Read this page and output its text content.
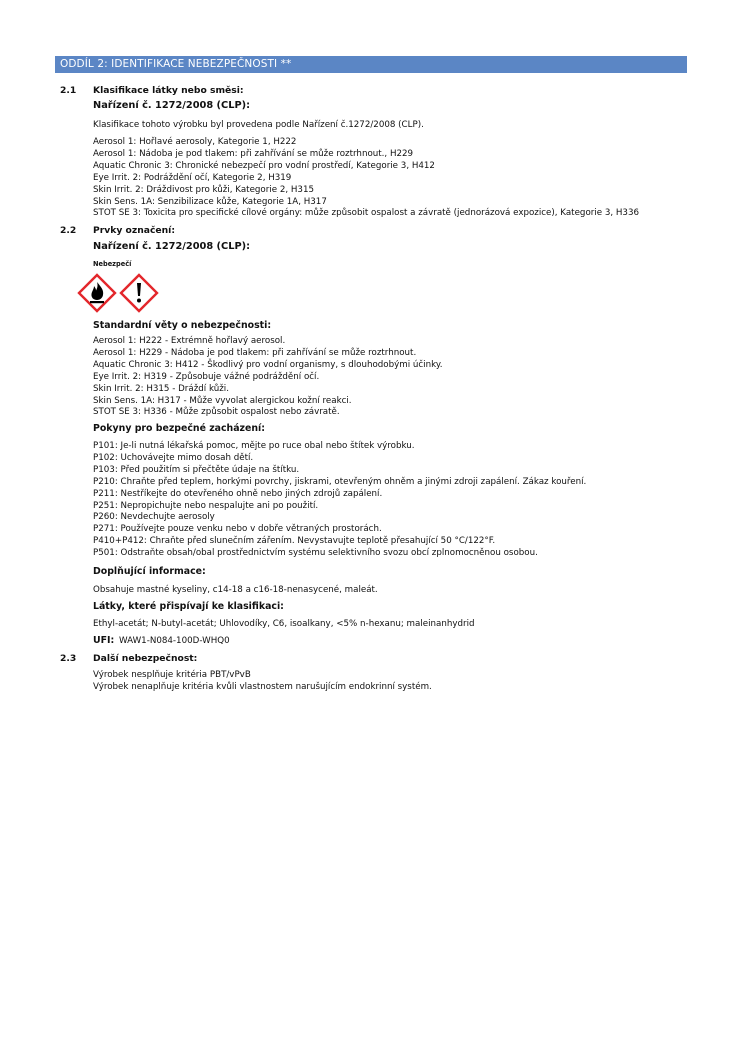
ODDÍL 2: IDENTIFIKACE NEBEZPEČNOSTI **
2.1 Klasifikace látky nebo směsi:
Nařízení č. 1272/2008 (CLP):
Klasifikace tohoto výrobku byl provedena podle Nařízení č.1272/2008 (CLP).
Aerosol 1: Hořlavé aerosoly, Kategorie 1, H222
Aerosol 1: Nádoba je pod tlakem: při zahřívání se může roztrhnout., H229
Aquatic Chronic 3: Chronické nebezpečí pro vodní prostředí, Kategorie 3, H412
Eye Irrit. 2: Podráždění očí, Kategorie 2, H319
Skin Irrit. 2: Dráždivost pro kůži, Kategorie 2, H315
Skin Sens. 1A: Senzibilizace kůže, Kategorie 1A, H317
STOT SE 3: Toxicita pro specifické cílové orgány: může způsobit ospalost a závratě (jednorázová expozice), Kategorie 3, H336
2.2 Prvky označení:
Nařízení č. 1272/2008 (CLP):
Nebezpečí
Standardní věty o nebezpečnosti:
Aerosol 1: H222 - Extrémně hořlavý aerosol.
Aerosol 1: H229 - Nádoba je pod tlakem: při zahřívání se může roztrhnout.
Aquatic Chronic 3: H412 - Škodlivý pro vodní organismy, s dlouhodobými účinky.
Eye Irrit. 2: H319 - Způsobuje vážné podráždění očí.
Skin Irrit. 2: H315 - Dráždí kůži.
Skin Sens. 1A: H317 - Může vyvolat alergickou kožní reakci.
STOT SE 3: H336 - Může způsobit ospalost nebo závratě.
Pokyny pro bezpečné zacházení:
P101: Je-li nutná lékařská pomoc, mějte po ruce obal nebo štítek výrobku.
P102: Uchovávejte mimo dosah dětí.
P103: Před použitím si přečtěte údaje na štítku.
P210: Chraňte před teplem, horkými povrchy, jiskrami, otevřeným ohněm a jinými zdroji zapálení. Zákaz kouření.
P211: Nestříkejte do otevřeného ohně nebo jiných zdrojů zapálení.
P251: Nepropichujte nebo nespalujte ani po použití.
P260: Nevdechujte aerosoly
P271: Používejte pouze venku nebo v dobře větraných prostorách.
P410+P412: Chraňte před slunečním zářením. Nevystavujte teplotě přesahující 50 °C/122°F.
P501: Odstraňte obsah/obal prostřednictvím systému selektivního svozu obcí zplnomocněnou osobou.
Doplňující informace:
Obsahuje mastné kyseliny, c14-18 a c16-18-nenasycené, maleát.
Látky, které přispívají ke klasifikaci:
Ethyl-acetát; N-butyl-acetát; Uhlovodíky, C6, isoalkany, <5% n-hexanu; maleinanhydrid
UFI: WAW1-N084-100D-WHQ0
2.3 Další nebezpečnost:
Výrobek nesplňuje kritéria PBT/vPvB
Výrobek nenaplňuje kritéria kvůli vlastnostem narušujícím endokrinní systém.
